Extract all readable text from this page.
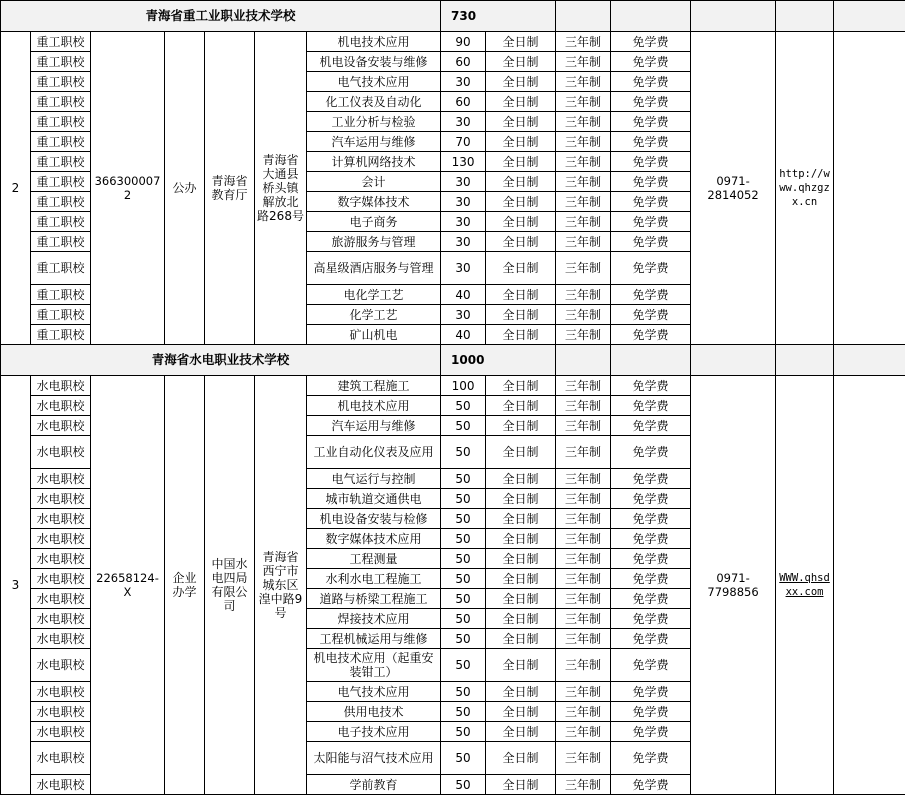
青海省重工业职业技术学校							730						
2	重工职校	3663000072	公办	青海省教育厅	青海省大通县桥头镇解放北路268号	机电技术应用	90	全日制	三年制	免学费	0971-2814052	http://www.qhzgzx.cn	
	重工职校					机电设备安装与维修	60	全日制	三年制	免学费			
	重工职校					电气技术应用	30	全日制	三年制	免学费			
	重工职校					化工仪表及自动化	60	全日制	三年制	免学费			
	重工职校					工业分析与检验	30	全日制	三年制	免学费			
	重工职校					汽车运用与维修	70	全日制	三年制	免学费			
	重工职校					计算机网络技术	130	全日制	三年制	免学费			
	重工职校					会计	30	全日制	三年制	免学费			
	重工职校					数字媒体技术	30	全日制	三年制	免学费			
	重工职校					电子商务	30	全日制	三年制	免学费			
	重工职校					旅游服务与管理	30	全日制	三年制	免学费			
	重工职校					高星级酒店服务与管理	30	全日制	三年制	免学费			
	重工职校					电化学工艺	40	全日制	三年制	免学费			
	重工职校					化学工艺	30	全日制	三年制	免学费			
	重工职校					矿山机电	40	全日制	三年制	免学费			
青海省水电职业技术学校							1000						
3	水电职校	22658124-X	企业办学	中国水电四局有限公司	青海省西宁市城东区湟中路9号	建筑工程施工	100	全日制	三年制	免学费	0971-7798856	WWW.qhsdxx.com	
	水电职校					机电技术应用	50	全日制	三年制	免学费			
	水电职校					汽车运用与维修	50	全日制	三年制	免学费			
	水电职校					工业自动化仪表及应用	50	全日制	三年制	免学费			
	水电职校					电气运行与控制	50	全日制	三年制	免学费			
	水电职校					城市轨道交通供电	50	全日制	三年制	免学费			
	水电职校					机电设备安装与检修	50	全日制	三年制	免学费			
	水电职校					数字媒体技术应用	50	全日制	三年制	免学费			
	水电职校					工程测量	50	全日制	三年制	免学费			
	水电职校					水利水电工程施工	50	全日制	三年制	免学费			
	水电职校					道路与桥梁工程施工	50	全日制	三年制	免学费			
	水电职校					焊接技术应用	50	全日制	三年制	免学费			
	水电职校					工程机械运用与维修	50	全日制	三年制	免学费			
	水电职校					机电技术应用（起重安装钳工）	50	全日制	三年制	免学费			
	水电职校					电气技术应用	50	全日制	三年制	免学费			
	水电职校					供用电技术	50	全日制	三年制	免学费			
	水电职校					电子技术应用	50	全日制	三年制	免学费			
	水电职校					太阳能与沼气技术应用	50	全日制	三年制	免学费			
	水电职校					学前教育	50	全日制	三年制	免学费			
